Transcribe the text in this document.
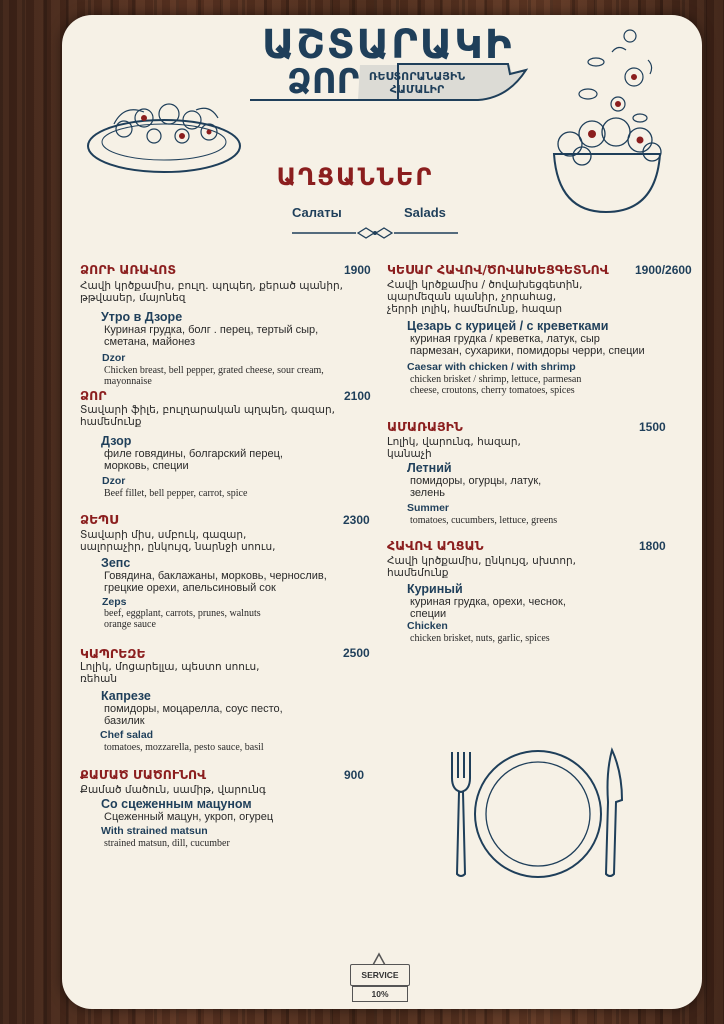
ԱՇՏԱՐԱԿԻ
ՁՈՐ ՌԵՍՏՈՐԱՆԱՅԻՆ ՀԱՄԱԼԻՐ
ԱՂՑԱՆՆԵՐ
Салаты	Salads
ՁՈՐԻ ԱՌԱՎՈՏ	1900
Հավի կրծքամիս, բուլղ․ պղպեղ, քերած պանիր,
թթվասեր, մայոնեզ
Утро в Дзоре
Куриная грудка, болг . перец, тертый сыр,
сметана, майонез
Dzor
Chicken breast, bell pepper, grated cheese, sour cream,
mayonnaise
ՁՈՐ	2100
Տավարի ֆիլե, բուլղարական պղպեղ, գազար,
համեմունք
Дзор
филе говядины, болгарский перец,
морковь, специи
Dzor
Beef fillet, bell pepper, carrot, spice
ՁԵՊՍ	2300
Տավարի միս, սմբուկ, գազար,
սալորաչիր, ընկույզ, նարնջի սոուս,
Зепс
Говядина, баклажаны, морковь, чернослив,
грецкие орехи, апельсиновый сок
Zeps
beef, eggplant, carrots, prunes, walnuts
orange sauce
ԿԱՊՐԵԶԵ	2500
Լոլիկ, մոցարելլա, պեստո սոուս,
ռեհան
Капрезе
помидоры, моцарелла, соус песто,
базилик
Chef salad
tomatoes, mozzarella, pesto sauce, basil
ՔԱՄԱԾ ՄԱԾՈՒՆՈՎ	900
Քամած մածուն, սամիթ, վարունգ
Со сцеженным мацуном
Сцеженный мацун, укроп, огурец
With strained matsun
strained matsun, dill, cucumber
ԿԵՍԱՐ ՀԱՎՈՎ/ԾՈՎԱԽԵՑԳԵՏՆՈՎ 1900/2600
Հավի կրծքամիս / ծովախեցգետին,
պարմեզան պանիր, չորահաց,
չերրի լոլիկ, համեմունք, հազար
Цезарь с курицей / с креветками
куриная грудка / креветка, латук, сыр
пармезан, сухарики, помидоры черри, специи
Caesar with chicken / with shrimp
chicken brisket / shrimp, lettuce, parmesan
cheese, croutons, cherry tomatoes, spices
ԱՄԱՌԱՅԻՆ	1500
Լոլիկ, վարունգ, հազար,
կանաչի
Летний
помидоры, огурцы, латук,
зелень
Summer
tomatoes, cucumbers, lettuce, greens
ՀԱՎՈՎ ԱՂՑԱՆ	1800
Հավի կրծքամիս, ընկույզ, սխտոր,
համեմունք
Куриный
куриная грудка, орехи, чеснок,
специи
Chicken
chicken brisket, nuts, garlic, spices
SERVICE
10%
